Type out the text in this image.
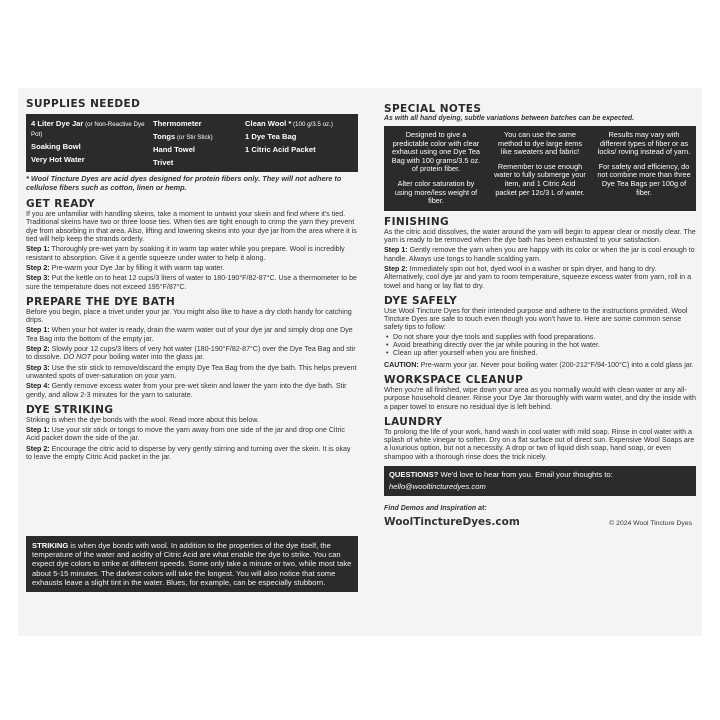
SUPPLIES NEEDED
4 Liter Dye Jar (or Non-Reactive Dye Pot)
Soaking Bowl
Very Hot Water
Thermometer
Tongs (or Stir Stick)
Hand Towel
Trivet
Clean Wool * (100 g/3.5 oz.)
1 Dye Tea Bag
1 Citric Acid Packet
* Wool Tincture Dyes are acid dyes designed for protein fibers only. They will not adhere to cellulose fibers such as cotton, linen or hemp.
GET READY

If you are unfamiliar with handling skeins, take a moment to untwist your skein and find where it's tied. Traditional skeins have two or three loose ties. When ties are tight enough to crimp the yarn they prevent dye from absorbing in that area. Also, lifting and lowering skeins into your dye jar from the area where it is tied will help keep the strands orderly.

Step 1: Thoroughly pre-wet yarn by soaking it in warm tap water while you prepare. Wool is incredibly resistant to absorption. Give it a gentle squeeze under water to help it along.

Step 2: Pre-warm your Dye Jar by filling it with warm tap water.

Step 3: Put the kettle on to heat 12 cups/3 liters of water to 180-190°F/82-87°C. Use a thermometer to be sure the temperature does not exceed 195°F/87°C.

PREPARE THE DYE BATH

Before you begin, place a trivet under your jar. You might also like to have a dry cloth handy for catching drips.

Step 1: When your hot water is ready, drain the warm water out of your dye jar and simply drop one Dye Tea Bag into the bottom of the empty jar.

Step 2: Slowly pour 12 cups/3 liters of very hot water (180-190°F/82-87°C) over the Dye Tea Bag and stir to dissolve. DO NOT pour boiling water into the glass jar.

Step 3: Use the stir stick to remove/discard the empty Dye Tea Bag from the dye bath. This helps prevent unwanted spots of over-saturation on your yarn.

Step 4: Gently remove excess water from your pre-wet skein and lower the yarn into the dye bath. Stir gently, and allow 2-3 minutes for the yarn to saturate.

DYE STRIKING

Striking is when the dye bonds with the wool. Read more about this below.

Step 1: Use your stir stick or tongs to move the yarn away from one side of the jar and drop one Citric Acid packet down the side of the jar.

Step 2: Encourage the citric acid to disperse by very gently stirring and turning over the skein. It is okay to leave the empty Citric Acid packet in the jar.

STRIKING is when dye bonds with wool. In addition to the properties of the dye itself, the temperature of the water and acidity of Citric Acid are what enable the dye to strike. You can expect dye colors to strike at different speeds. Some only take a minute or two, while most take about 5-15 minutes. The darkest colors will take the longest. You will also notice that some exhausts leave a slight tint in the water. Blues, for example, can be especially stubborn.
SPECIAL NOTES
As with all hand dyeing, subtle variations between batches can be expected.
Designed to give a predictable color with clear exhaust using one Dye Tea Bag with 100 grams/3.5 oz. of protein fiber.
Alter color saturation by using more/less weight of fiber.
You can use the same method to dye large items like sweaters and fabric!
Remember to use enough water to fully submerge your item, and 1 Citric Acid packet per 12c/3 L of water.
Results may vary with different types of fiber or as locks/ roving instead of yarn.
For safety and efficiency, do not combine more than three Dye Tea Bags per 100g of fiber.
FINISHING

As the citric acid dissolves, the water around the yarn will begin to appear clear or mostly clear. The yarn is ready to be removed when the dye bath has been exhausted to your satisfaction.

Step 1: Gently remove the yarn when you are happy with its color or when the jar is cool enough to handle. Always use tongs to handle scalding yarn.

Step 2: Immediately spin out hot, dyed wool in a washer or spin dryer, and hang to dry. Alternatively, cool dye jar and yarn to room temperature, squeeze excess water from yarn, roll in a towel and hang or lay flat to dry.

DYE SAFELY

Use Wool Tincture Dyes for their intended purpose and adhere to the instructions provided. Wool Tincture Dyes are safe to touch even though you won't have to. Here are some common sense safety tips to follow:

• Do not share your dye tools and supplies with food preparations.
• Avoid breathing directly over the jar while pouring in the hot water.
• Clean up after yourself when you are finished.

CAUTION: Pre-warm your jar. Never pour boiling water (200-212°F/94-100°C) into a cold glass jar.

WORKSPACE CLEANUP

When you're all finished, wipe down your area as you normally would with clean water or any all-purpose household cleaner. Rinse your Dye Jar thoroughly with warm water, and dry the inside with a paper towel to ensure no residual dye is left behind.

LAUNDRY

To prolong the life of your work, hand wash in cool water with mild soap. Rinse in cool water with a splash of white vinegar to soften. Dry on a flat surface out of direct sun. Expensive Wool Soaps are a luxurious option, but not a necessity. A drop or two of liquid dish soap, hand soap, or even shampoo with a thorough rinse does the trick nicely.

QUESTIONS? We'd love to hear from you. Email your thoughts to:
hello@wooltincturedyes.com
Find Demos and Inspiration at:
WoolTinctureDyes.com	© 2024 Wool Tincture Dyes
